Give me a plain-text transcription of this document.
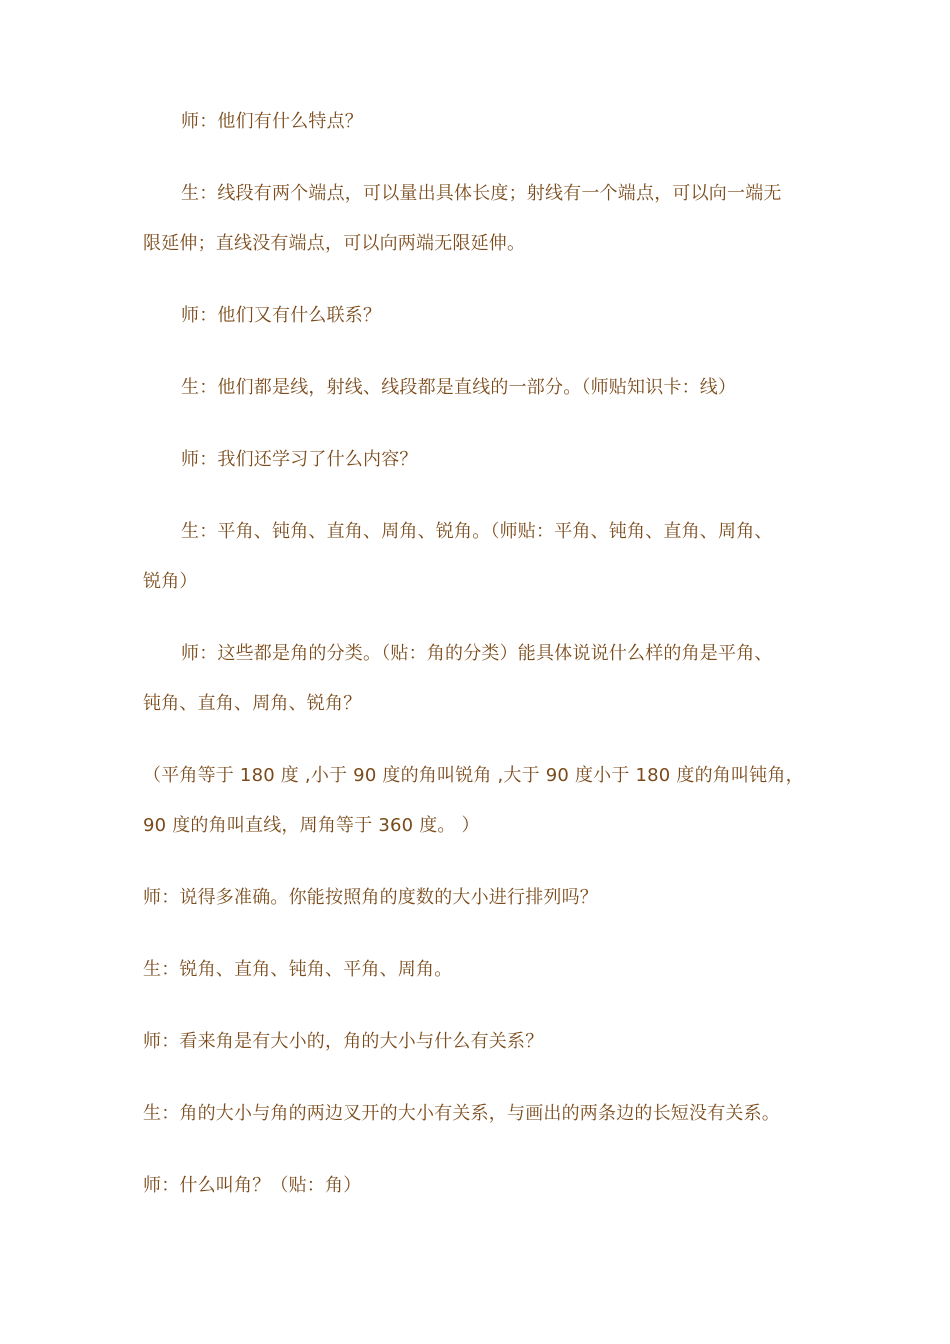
师：他们有什么特点？
生：线段有两个端点，可以量出具体长度；射线有一个端点，可以向一端无
限延伸；直线没有端点，可以向两端无限延伸。
师：他们又有什么联系？
生：他们都是线，射线、线段都是直线的一部分。（师贴知识卡：线）
师：我们还学习了什么内容？
生：平角、钝角、直角、周角、锐角。（师贴：平角、钝角、直角、周角、
锐角）
师：这些都是角的分类。（贴：角的分类）能具体说说什么样的角是平角、
钝角、直角、周角、锐角？
（平角等于 180 度 ,小于 90 度的角叫锐角 ,大于 90 度小于 180 度的角叫钝角，
90 度的角叫直线，周角等于 360 度。 ）
师：说得多准确。你能按照角的度数的大小进行排列吗？
生：锐角、直角、钝角、平角、周角。
师：看来角是有大小的，角的大小与什么有关系？
生：角的大小与角的两边叉开的大小有关系，与画出的两条边的长短没有关系。
师：什么叫角？（贴：角）
